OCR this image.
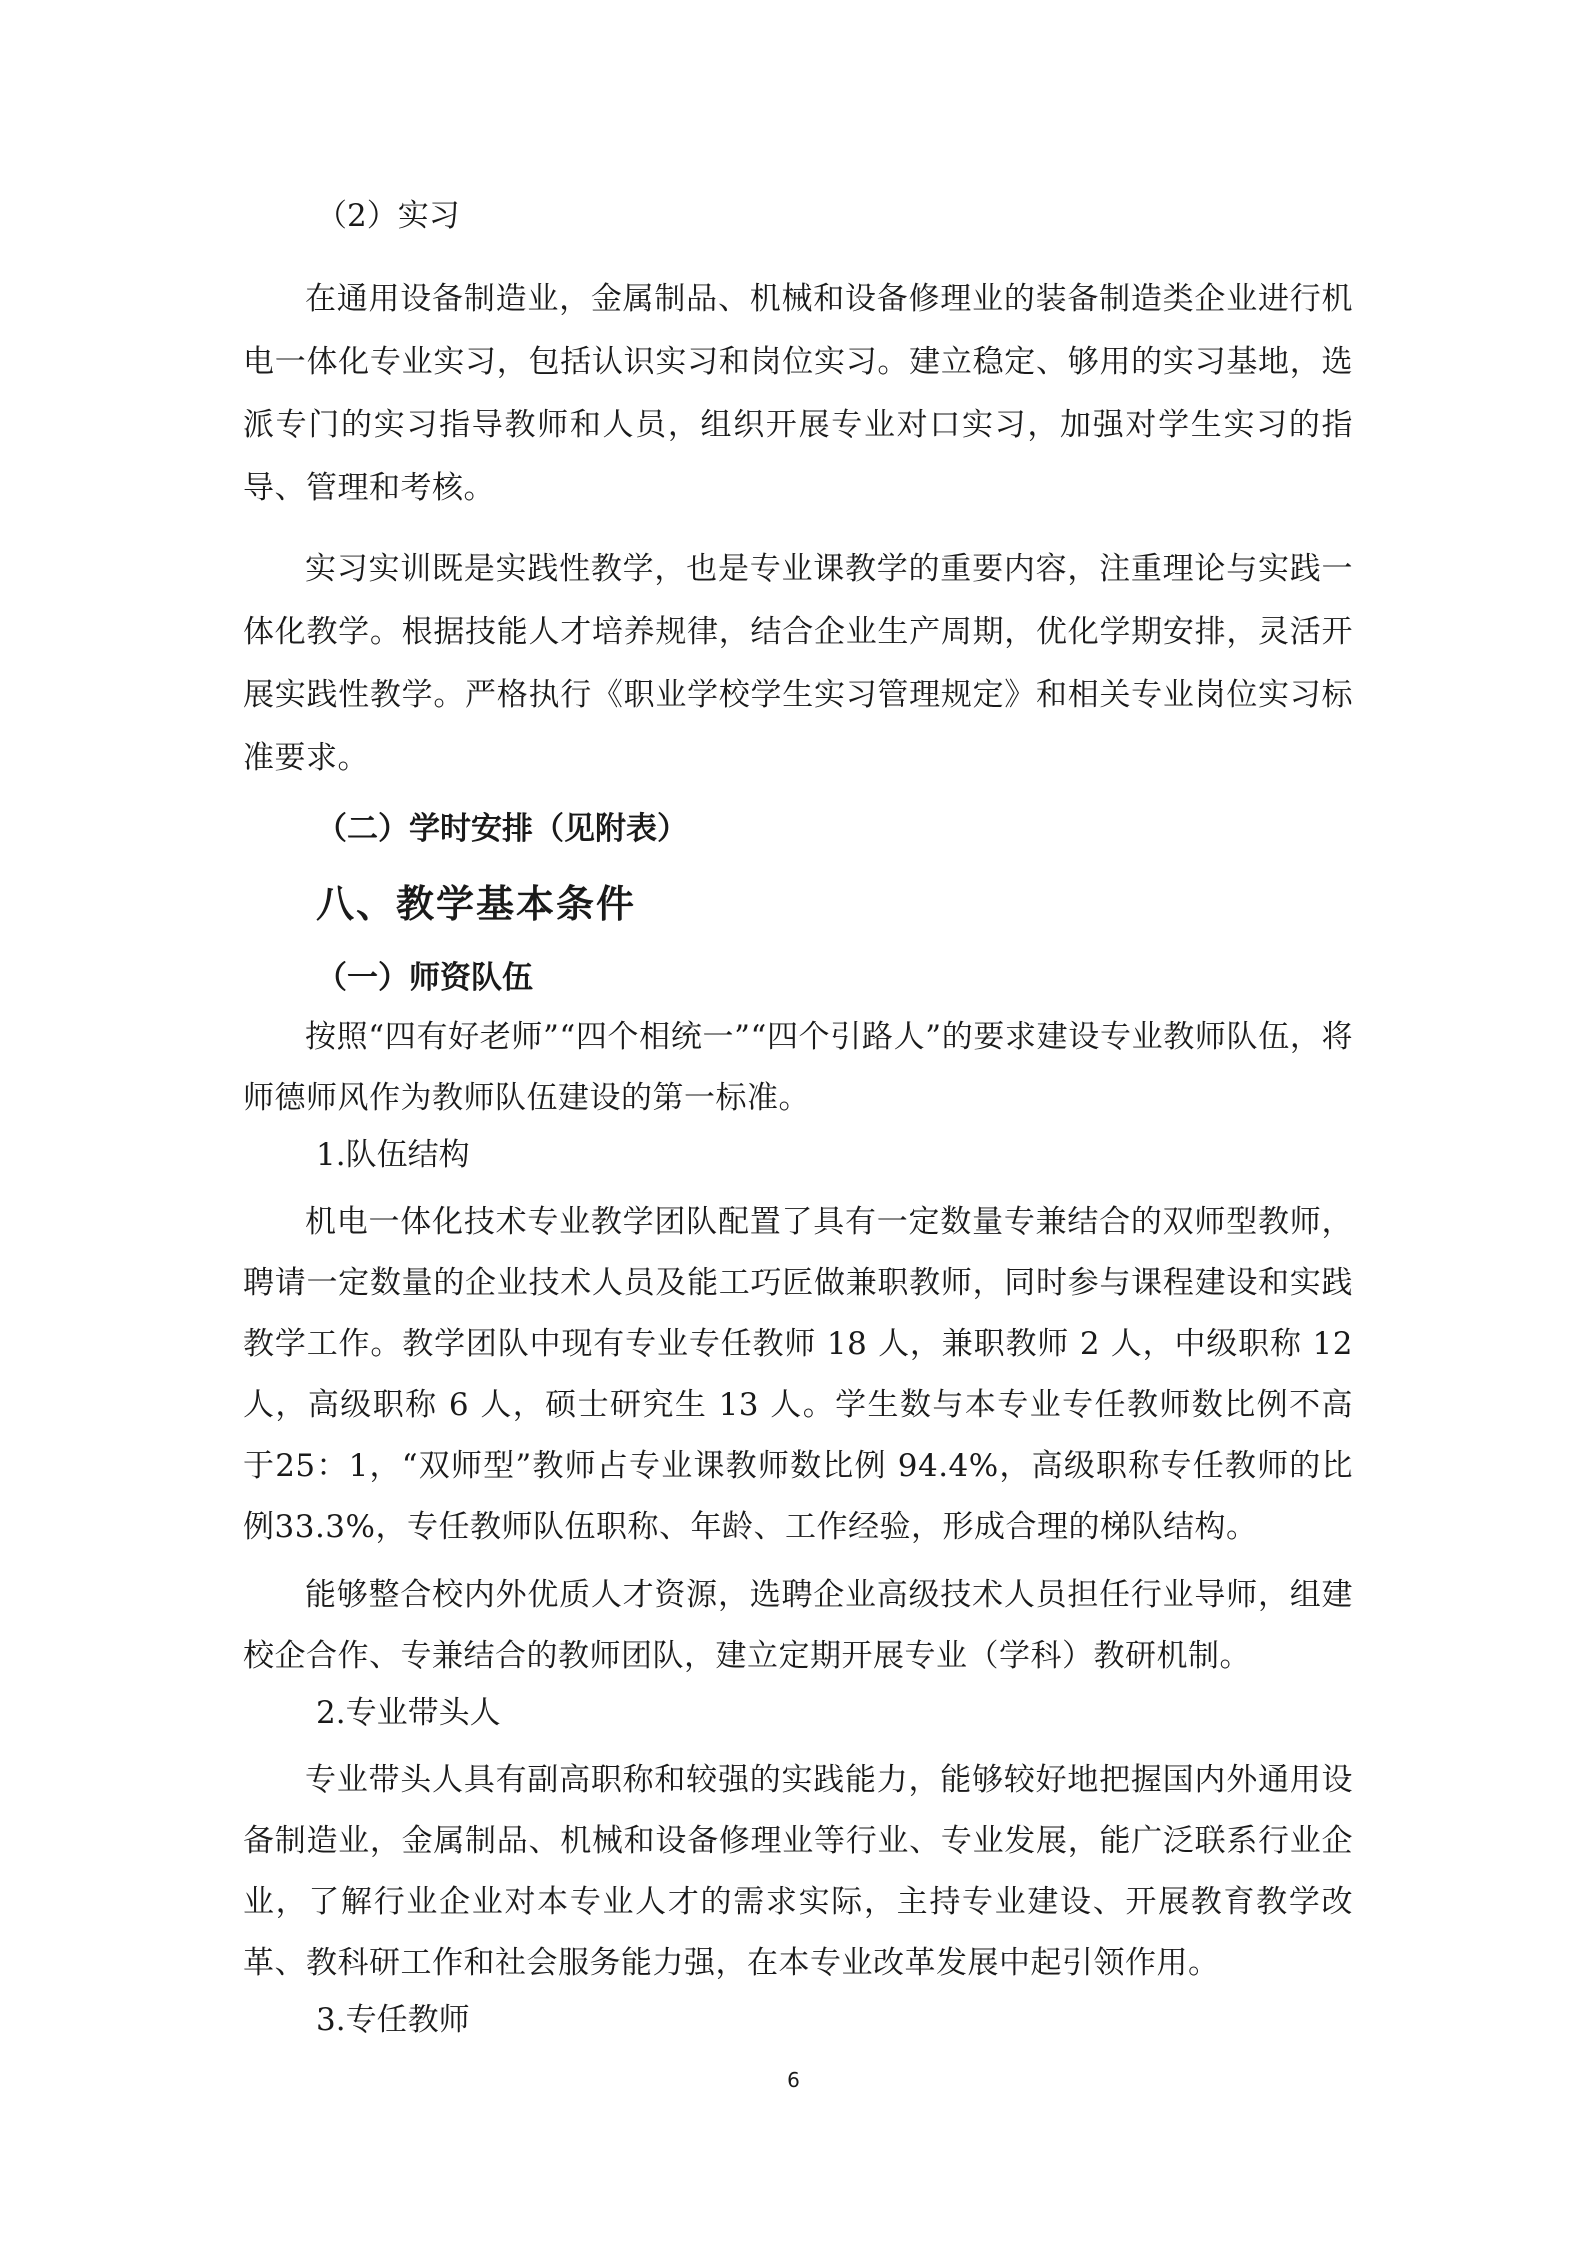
（2）实习

在通用设备制造业，金属制品、机械和设备修理业的装备制造类企业进行机电一体化专业实习，包括认识实习和岗位实习。建立稳定、够用的实习基地，选派专门的实习指导教师和人员，组织开展专业对口实习，加强对学生实习的指导、管理和考核。

实习实训既是实践性教学，也是专业课教学的重要内容，注重理论与实践一体化教学。根据技能人才培养规律，结合企业生产周期，优化学期安排，灵活开展实践性教学。严格执行《职业学校学生实习管理规定》和相关专业岗位实习标准要求。

（二）学时安排（见附表）

八、教学基本条件

（一）师资队伍

按照“四有好老师”“四个相统一”“四个引路人”的要求建设专业教师队伍，将师德师风作为教师队伍建设的第一标准。

1.队伍结构

机电一体化技术专业教学团队配置了具有一定数量专兼结合的双师型教师，聘请一定数量的企业技术人员及能工巧匠做兼职教师，同时参与课程建设和实践教学工作。教学团队中现有专业专任教师 18 人，兼职教师 2 人，中级职称 12 人，高级职称 6 人，硕士研究生 13 人。学生数与本专业专任教师数比例不高于25：1，“双师型”教师占专业课教师数比例 94.4%，高级职称专任教师的比例33.3%，专任教师队伍职称、年龄、工作经验，形成合理的梯队结构。

能够整合校内外优质人才资源，选聘企业高级技术人员担任行业导师，组建校企合作、专兼结合的教师团队，建立定期开展专业（学科）教研机制。

2.专业带头人

专业带头人具有副高职称和较强的实践能力，能够较好地把握国内外通用设备制造业，金属制品、机械和设备修理业等行业、专业发展，能广泛联系行业企业，了解行业企业对本专业人才的需求实际，主持专业建设、开展教育教学改革、教科研工作和社会服务能力强，在本专业改革发展中起引领作用。

3.专任教师

6
